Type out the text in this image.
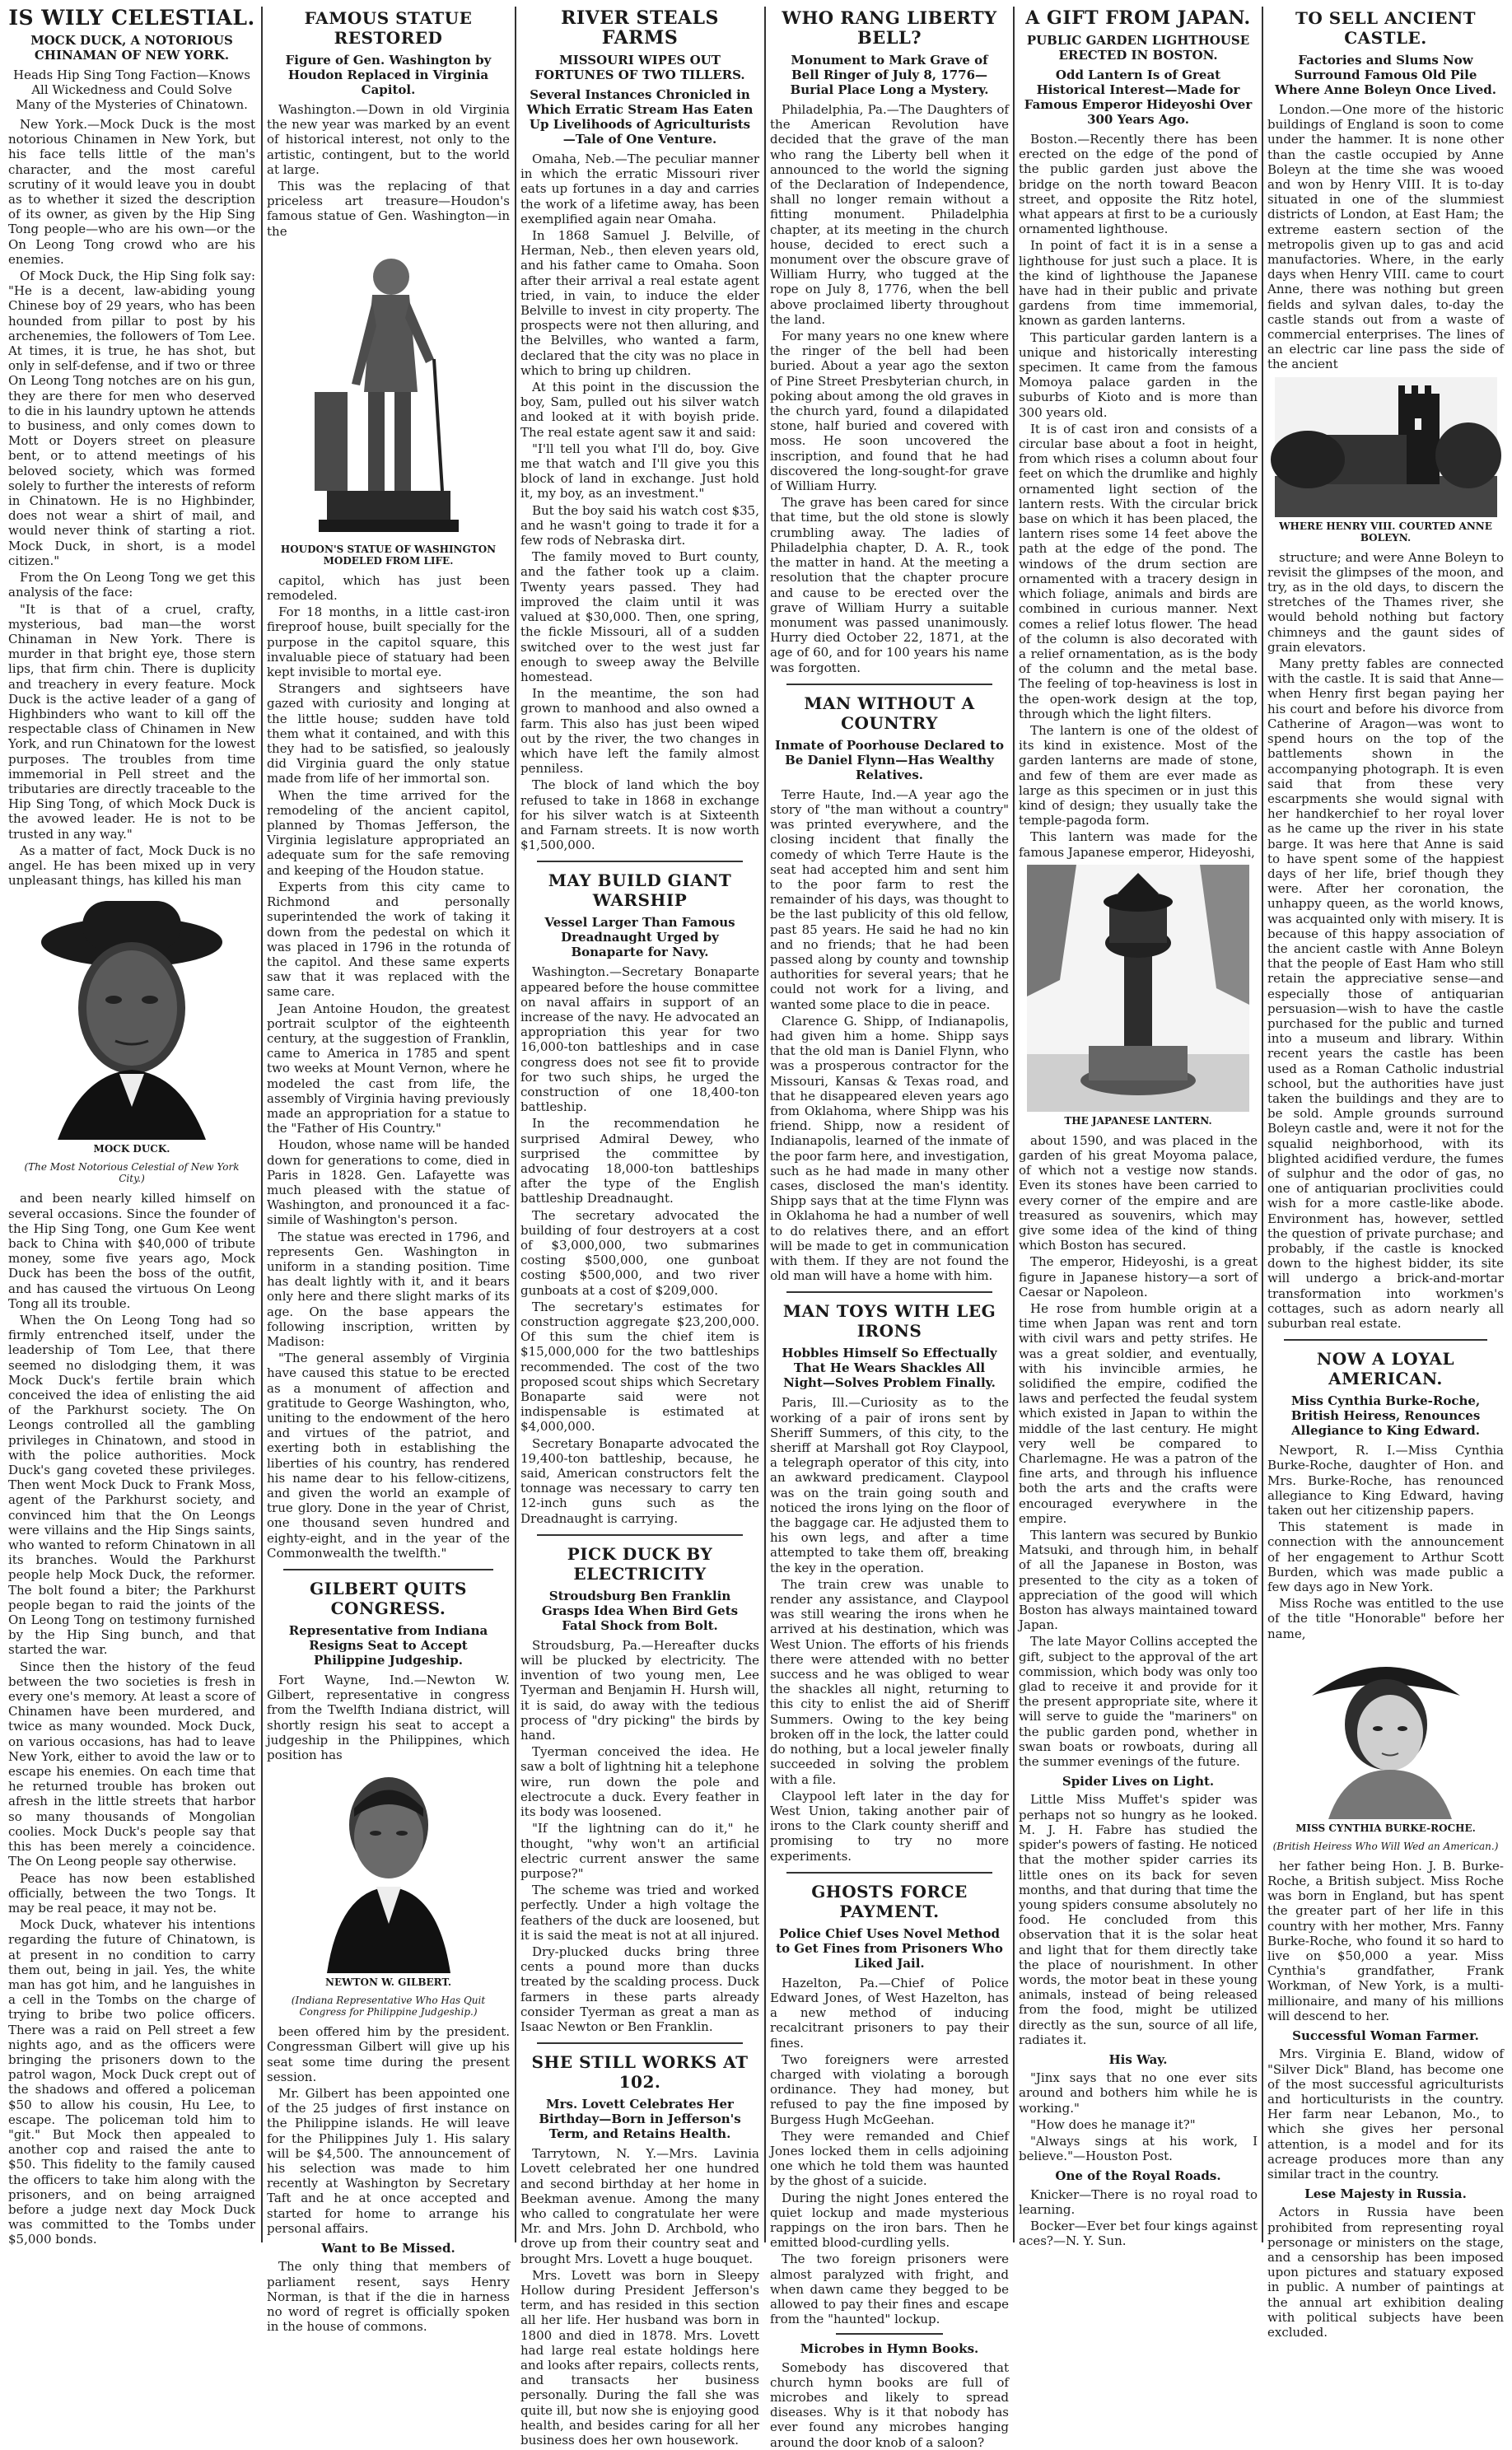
IS WILY CELESTIAL.
MOCK DUCK, A NOTORIOUS CHINAMAN OF NEW YORK.
Heads Hip Sing Tong Faction—Knows All Wickedness and Could Solve Many of the Mysteries of Chinatown.

New York.—Mock Duck is the most notorious Chinamen in New York, but his face tells little of the man's character, and the most careful scrutiny of it would leave you in doubt as to whether it sized the description of its owner, as given by the Hip Sing Tong people—who are his own—or the On Leong Tong crowd who are his enemies.

Of Mock Duck, the Hip Sing folk say: "He is a decent, law-abiding young Chinese boy of 29 years, who has been hounded from pillar to post by his archenemies, the followers of Tom Lee. At times, it is true, he has shot, but only in self-defense, and if two or three On Leong Tong notches are on his gun, they are there for men who deserved to die in his laundry uptown he attends to business, and only comes down to Mott or Doyers street on pleasure bent, or to attend meetings of his beloved society, which was formed solely to further the interests of reform in Chinatown. He is no Highbinder, does not wear a shirt of mail, and would never think of starting a riot. Mock Duck, in short, is a model citizen."

From the On Leong Tong we get this analysis of the face:

"It is that of a cruel, crafty, mysterious, bad man—the worst Chinaman in New York. There is murder in that bright eye, those stern lips, that firm chin. There is duplicity and treachery in every feature. Mock Duck is the active leader of a gang of Highbinders who want to kill off the respectable class of Chinamen in New York, and run Chinatown for the lowest purposes. The troubles from time immemorial in Pell street and the tributaries are directly traceable to the Hip Sing Tong, of which Mock Duck is the avowed leader. He is not to be trusted in any way."

As a matter of fact, Mock Duck is no angel. He has been mixed up in very unpleasant things, has killed his man

MOCK DUCK.
(The Most Notorious Celestial of New York City.)

and been nearly killed himself on several occasions. Since the founder of the Hip Sing Tong, one Gum Kee went back to China with $40,000 of tribute money, some five years ago, Mock Duck has been the boss of the outfit, and has caused the virtuous On Leong Tong all its trouble.

When the On Leong Tong had so firmly entrenched itself, under the leadership of Tom Lee, that there seemed no dislodging them, it was Mock Duck's fertile brain which conceived the idea of enlisting the aid of the Parkhurst society. The On Leongs controlled all the gambling privileges in Chinatown, and stood in with the police authorities. Mock Duck's gang coveted these privileges. Then went Mock Duck to Frank Moss, agent of the Parkhurst society, and convinced him that the On Leongs were villains and the Hip Sings saints, who wanted to reform Chinatown in all its branches. Would the Parkhurst people help Mock Duck, the reformer. The bolt found a biter; the Parkhurst people began to raid the joints of the On Leong Tong on testimony furnished by the Hip Sing bunch, and that started the war.

Since then the history of the feud between the two societies is fresh in every one's memory. At least a score of Chinamen have been murdered, and twice as many wounded. Mock Duck, on various occasions, has had to leave New York, either to avoid the law or to escape his enemies. On each time that he returned trouble has broken out afresh in the little streets that harbor so many thousands of Mongolian coolies. Mock Duck's people say that this has been merely a coincidence. The On Leong people say otherwise.

Peace has now been established officially, between the two Tongs. It may be real peace, it may not be.

Mock Duck, whatever his intentions regarding the future of Chinatown, is at present in no condition to carry them out, being in jail. Yes, the white man has got him, and he languishes in a cell in the Tombs on the charge of trying to bribe two police officers. There was a raid on Pell street a few nights ago, and as the officers were bringing the prisoners down to the patrol wagon, Mock Duck crept out of the shadows and offered a policeman $50 to allow his cousin, Hu Lee, to escape. The policeman told him to "git." But Mock then appealed to another cop and raised the ante to $50. This fidelity to the family caused the officers to take him along with the prisoners, and on being arraigned before a judge next day Mock Duck was committed to the Tombs under $5,000 bonds.

FAMOUS STATUE RESTORED
Figure of Gen. Washington by Houdon Replaced in Virginia Capitol.

Washington.—Down in old Virginia the new year was marked by an event of historical interest, not only to the artistic, contingent, but to the world at large.

This was the replacing of that priceless art treasure—Houdon's famous statue of Gen. Washington—in the

HOUDON'S STATUE OF WASHINGTON MODELED FROM LIFE.

capitol, which has just been remodeled.

For 18 months, in a little cast-iron fireproof house, built specially for the purpose in the capitol square, this invaluable piece of statuary had been kept invisible to mortal eye.

Strangers and sightseers have gazed with curiosity and longing at the little house; sudden have told them what it contained, and with this they had to be satisfied, so jealously did Virginia guard the only statue made from life of her immortal son.

When the time arrived for the remodeling of the ancient capitol, planned by Thomas Jefferson, the Virginia legislature appropriated an adequate sum for the safe removing and keeping of the Houdon statue.

Experts from this city came to Richmond and personally superintended the work of taking it down from the pedestal on which it was placed in 1796 in the rotunda of the capitol. And these same experts saw that it was replaced with the same care.

Jean Antoine Houdon, the greatest portrait sculptor of the eighteenth century, at the suggestion of Franklin, came to America in 1785 and spent two weeks at Mount Vernon, where he modeled the cast from life, the assembly of Virginia having previously made an appropriation for a statue to the "Father of His Country."

Houdon, whose name will be handed down for generations to come, died in Paris in 1828. Gen. Lafayette was much pleased with the statue of Washington, and pronounced it a fac-simile of Washington's person.

The statue was erected in 1796, and represents Gen. Washington in uniform in a standing position. Time has dealt lightly with it, and it bears only here and there slight marks of its age. On the base appears the following inscription, written by Madison:

"The general assembly of Virginia have caused this statue to be erected as a monument of affection and gratitude to George Washington, who, uniting to the endowment of the hero and virtues of the patriot, and exerting both in establishing the liberties of his country, has rendered his name dear to his fellow-citizens, and given the world an example of true glory. Done in the year of Christ, one thousand seven hundred and eighty-eight, and in the year of the Commonwealth the twelfth."

GILBERT QUITS CONGRESS.
Representative from Indiana Resigns Seat to Accept Philippine Judgeship.

Fort Wayne, Ind.—Newton W. Gilbert, representative in congress from the Twelfth Indiana district, will shortly resign his seat to accept a judgeship in the Philippines, which position has

NEWTON W. GILBERT.
(Indiana Representative Who Has Quit Congress for Philippine Judgeship.)

been offered him by the president. Congressman Gilbert will give up his seat some time during the present session.

Mr. Gilbert has been appointed one of the 25 judges of first instance on the Philippine islands. He will leave for the Philippines July 1. His salary will be $4,500. The announcement of his selection was made to him recently at Washington by Secretary Taft and he at once accepted and started for home to arrange his personal affairs.

Want to Be Missed.

The only thing that members of parliament resent, says Henry Norman, is that if the die in harness no word of regret is officially spoken in the house of commons.

RIVER STEALS FARMS
MISSOURI WIPES OUT FORTUNES OF TWO TILLERS.
Several Instances Chronicled in Which Erratic Stream Has Eaten Up Livelihoods of Agriculturists—Tale of One Venture.

Omaha, Neb.—The peculiar manner in which the erratic Missouri river eats up fortunes in a day and carries the work of a lifetime away, has been exemplified again near Omaha.

In 1868 Samuel J. Belville, of Herman, Neb., then eleven years old, and his father came to Omaha. Soon after their arrival a real estate agent tried, in vain, to induce the elder Belville to invest in city property. The prospects were not then alluring, and the Belvilles, who wanted a farm, declared that the city was no place in which to bring up children.

At this point in the discussion the boy, Sam, pulled out his silver watch and looked at it with boyish pride. The real estate agent saw it and said:

"I'll tell you what I'll do, boy. Give me that watch and I'll give you this block of land in exchange. Just hold it, my boy, as an investment."

But the boy said his watch cost $35, and he wasn't going to trade it for a few rods of Nebraska dirt.

The family moved to Burt county, and the father took up a claim. Twenty years passed. They had improved the claim until it was valued at $30,000. Then, one spring, the fickle Missouri, all of a sudden switched over to the west just far enough to sweep away the Belville homestead.

In the meantime, the son had grown to manhood and also owned a farm. This also has just been wiped out by the river, the two changes in which have left the family almost penniless.

The block of land which the boy refused to take in 1868 in exchange for his silver watch is at Sixteenth and Farnam streets. It is now worth $1,500,000.

MAY BUILD GIANT WARSHIP
Vessel Larger Than Famous Dreadnaught Urged by Bonaparte for Navy.

Washington.—Secretary Bonaparte appeared before the house committee on naval affairs in support of an increase of the navy. He advocated an appropriation this year for two 16,000-ton battleships and in case congress does not see fit to provide for two such ships, he urged the construction of one 18,400-ton battleship.

In the recommendation he surprised Admiral Dewey, who surprised the committee by advocating 18,000-ton battleships after the type of the English battleship Dreadnaught.

The secretary advocated the building of four destroyers at a cost of $3,000,000, two submarines costing $500,000, one gunboat costing $500,000, and two river gunboats at a cost of $209,000.

The secretary's estimates for construction aggregate $23,200,000. Of this sum the chief item is $15,000,000 for the two battleships recommended. The cost of the two proposed scout ships which Secretary Bonaparte said were not indispensable is estimated at $4,000,000.

Secretary Bonaparte advocated the 19,400-ton battleship, because, he said, American constructors felt the tonnage was necessary to carry ten 12-inch guns such as the Dreadnaught is carrying.

PICK DUCK BY ELECTRICITY
Stroudsburg Ben Franklin Grasps Idea When Bird Gets Fatal Shock from Bolt.

Stroudsburg, Pa.—Hereafter ducks will be plucked by electricity. The invention of two young men, Lee Tyerman and Benjamin H. Hursh will, it is said, do away with the tedious process of "dry picking" the birds by hand.

Tyerman conceived the idea. He saw a bolt of lightning hit a telephone wire, run down the pole and electrocute a duck. Every feather in its body was loosened.

"If the lightning can do it," he thought, "why won't an artificial electric current answer the same purpose?"

The scheme was tried and worked perfectly. Under a high voltage the feathers of the duck are loosened, but it is said the meat is not at all injured.

Dry-plucked ducks bring three cents a pound more than ducks treated by the scalding process. Duck farmers in these parts already consider Tyerman as great a man as Isaac Newton or Ben Franklin.

SHE STILL WORKS AT 102.
Mrs. Lovett Celebrates Her Birthday—Born in Jefferson's Term, and Retains Health.

Tarrytown, N. Y.—Mrs. Lavinia Lovett celebrated her one hundred and second birthday at her home in Beekman avenue. Among the many who called to congratulate her were Mr. and Mrs. John D. Archbold, who drove up from their country seat and brought Mrs. Lovett a huge bouquet.

Mrs. Lovett was born in Sleepy Hollow during President Jefferson's term, and has resided in this section all her life. Her husband was born in 1800 and died in 1878. Mrs. Lovett had large real estate holdings here and looks after repairs, collects rents, and transacts her business personally. During the fall she was quite ill, but now she is enjoying good health, and besides caring for all her business does her own housework.

WHO RANG LIBERTY BELL?
Monument to Mark Grave of Bell Ringer of July 8, 1776—Burial Place Long a Mystery.

Philadelphia, Pa.—The Daughters of the American Revolution have decided that the grave of the man who rang the Liberty bell when it announced to the world the signing of the Declaration of Independence, shall no longer remain without a fitting monument. Philadelphia chapter, at its meeting in the church house, decided to erect such a monument over the obscure grave of William Hurry, who tugged at the rope on July 8, 1776, when the bell above proclaimed liberty throughout the land.

For many years no one knew where the ringer of the bell had been buried. About a year ago the sexton of Pine Street Presbyterian church, in poking about among the old graves in the church yard, found a dilapidated stone, half buried and covered with moss. He soon uncovered the inscription, and found that he had discovered the long-sought-for grave of William Hurry.

The grave has been cared for since that time, but the old stone is slowly crumbling away. The ladies of Philadelphia chapter, D. A. R., took the matter in hand. At the meeting a resolution that the chapter procure and cause to be erected over the grave of William Hurry a suitable monument was passed unanimously. Hurry died October 22, 1871, at the age of 60, and for 100 years his name was forgotten.

MAN WITHOUT A COUNTRY
Inmate of Poorhouse Declared to Be Daniel Flynn—Has Wealthy Relatives.

Terre Haute, Ind.—A year ago the story of "the man without a country" was printed everywhere, and the closing incident that finally the comedy of which Terre Haute is the seat had accepted him and sent him to the poor farm to rest the remainder of his days, was thought to be the last publicity of this old fellow, past 85 years. He said he had no kin and no friends; that he had been passed along by county and township authorities for several years; that he could not work for a living, and wanted some place to die in peace.

Clarence G. Shipp, of Indianapolis, had given him a home. Shipp says that the old man is Daniel Flynn, who was a prosperous contractor for the Missouri, Kansas & Texas road, and that he disappeared eleven years ago from Oklahoma, where Shipp was his friend. Shipp, now a resident of Indianapolis, learned of the inmate of the poor farm here, and investigation, such as he had made in many other cases, disclosed the man's identity. Shipp says that at the time Flynn was in Oklahoma he had a number of well to do relatives there, and an effort will be made to get in communication with them. If they are not found the old man will have a home with him.

MAN TOYS WITH LEG IRONS
Hobbles Himself So Effectually That He Wears Shackles All Night—Solves Problem Finally.

Paris, Ill.—Curiosity as to the working of a pair of irons sent by Sheriff Summers, of this city, to the sheriff at Marshall got Roy Claypool, a telegraph operator of this city, into an awkward predicament. Claypool was on the train going south and noticed the irons lying on the floor of the baggage car. He adjusted them to his own legs, and after a time attempted to take them off, breaking the key in the operation.

The train crew was unable to render any assistance, and Claypool was still wearing the irons when he arrived at his destination, which was West Union. The efforts of his friends there were attended with no better success and he was obliged to wear the shackles all night, returning to this city to enlist the aid of Sheriff Summers. Owing to the key being broken off in the lock, the latter could do nothing, but a local jeweler finally succeeded in solving the problem with a file.

Claypool left later in the day for West Union, taking another pair of irons to the Clark county sheriff and promising to try no more experiments.

GHOSTS FORCE PAYMENT.
Police Chief Uses Novel Method to Get Fines from Prisoners Who Liked Jail.

Hazelton, Pa.—Chief of Police Edward Jones, of West Hazelton, has a new method of inducing recalcitrant prisoners to pay their fines.

Two foreigners were arrested charged with violating a borough ordinance. They had money, but refused to pay the fine imposed by Burgess Hugh McGeehan.

They were remanded and Chief Jones locked them in cells adjoining one which he told them was haunted by the ghost of a suicide.

During the night Jones entered the quiet lockup and made mysterious rappings on the iron bars. Then he emitted blood-curdling yells.

The two foreign prisoners were almost paralyzed with fright, and when dawn came they begged to be allowed to pay their fines and escape from the "haunted" lockup.

Microbes in Hymn Books.

Somebody has discovered that church hymn books are full of microbes and likely to spread diseases. Why is it that nobody has ever found any microbes hanging around the door knob of a saloon?

A GIFT FROM JAPAN.
PUBLIC GARDEN LIGHTHOUSE ERECTED IN BOSTON.
Odd Lantern Is of Great Historical Interest—Made for Famous Emperor Hideyoshi Over 300 Years Ago.

Boston.—Recently there has been erected on the edge of the pond of the public garden just above the bridge on the north toward Beacon street, and opposite the Ritz hotel, what appears at first to be a curiously ornamented lighthouse.

In point of fact it is in a sense a lighthouse for just such a place. It is the kind of lighthouse the Japanese have had in their public and private gardens from time immemorial, known as garden lanterns.

This particular garden lantern is a unique and historically interesting specimen. It came from the famous Momoya palace garden in the suburbs of Kioto and is more than 300 years old.

It is of cast iron and consists of a circular base about a foot in height, from which rises a column about four feet on which the drumlike and highly ornamented light section of the lantern rests. With the circular brick base on which it has been placed, the lantern rises some 14 feet above the path at the edge of the pond. The windows of the drum section are ornamented with a tracery design in which foliage, animals and birds are combined in curious manner. Next comes a relief lotus flower. The head of the column is also decorated with a relief ornamentation, as is the body of the column and the metal base. The feeling of top-heaviness is lost in the open-work design at the top, through which the light filters.

The lantern is one of the oldest of its kind in existence. Most of the garden lanterns are made of stone, and few of them are ever made as large as this specimen or in just this kind of design; they usually take the temple-pagoda form.

This lantern was made for the famous Japanese emperor, Hideyoshi,

THE JAPANESE LANTERN.

about 1590, and was placed in the garden of his great Moyoma palace, of which not a vestige now stands. Even its stones have been carried to every corner of the empire and are treasured as souvenirs, which may give some idea of the kind of thing which Boston has secured.

The emperor, Hideyoshi, is a great figure in Japanese history—a sort of Caesar or Napoleon.

He rose from humble origin at a time when Japan was rent and torn with civil wars and petty strifes. He was a great soldier, and eventually, with his invincible armies, he solidified the empire, codified the laws and perfected the feudal system which existed in Japan to within the middle of the last century. He might very well be compared to Charlemagne. He was a patron of the fine arts, and through his influence both the arts and the crafts were encouraged everywhere in the empire.

This lantern was secured by Bunkio Matsuki, and through him, in behalf of all the Japanese in Boston, was presented to the city as a token of appreciation of the good will which Boston has always maintained toward Japan.

The late Mayor Collins accepted the gift, subject to the approval of the art commission, which body was only too glad to receive it and provide for it the present appropriate site, where it will serve to guide the "mariners" on the public garden pond, whether in swan boats or rowboats, during all the summer evenings of the future.

Spider Lives on Light.

Little Miss Muffet's spider was perhaps not so hungry as he looked. M. J. H. Fabre has studied the spider's powers of fasting. He noticed that the mother spider carries its little ones on its back for seven months, and that during that time the young spiders consume absolutely no food. He concluded from this observation that it is the solar heat and light that for them directly take the place of nourishment. In other words, the motor beat in these young animals, instead of being released from the food, might be utilized directly as the sun, source of all life, radiates it.

His Way.

"Jinx says that no one ever sits around and bothers him while he is working."

"How does he manage it?"

"Always sings at his work, I believe."—Houston Post.

One of the Royal Roads.

Knicker—There is no royal road to learning.

Bocker—Ever bet four kings against aces?—N. Y. Sun.

TO SELL ANCIENT CASTLE.
Factories and Slums Now Surround Famous Old Pile Where Anne Boleyn Once Lived.

London.—One more of the historic buildings of England is soon to come under the hammer. It is none other than the castle occupied by Anne Boleyn at the time she was wooed and won by Henry VIII. It is to-day situated in one of the slummiest districts of London, at East Ham; the extreme eastern section of the metropolis given up to gas and acid manufactories. Where, in the early days when Henry VIII. came to court Anne, there was nothing but green fields and sylvan dales, to-day the castle stands out from a waste of commercial enterprises. The lines of an electric car line pass the side of the ancient

WHERE HENRY VIII. COURTED ANNE BOLEYN.

structure; and were Anne Boleyn to revisit the glimpses of the moon, and try, as in the old days, to discern the stretches of the Thames river, she would behold nothing but factory chimneys and the gaunt sides of grain elevators.

Many pretty fables are connected with the castle. It is said that Anne—when Henry first began paying her his court and before his divorce from Catherine of Aragon—was wont to spend hours on the top of the battlements shown in the accompanying photograph. It is even said that from these very escarpments she would signal with her handkerchief to her royal lover as he came up the river in his state barge. It was here that Anne is said to have spent some of the happiest days of her life, brief though they were. After her coronation, the unhappy queen, as the world knows, was acquainted only with misery. It is because of this happy association of the ancient castle with Anne Boleyn that the people of East Ham who still retain the appreciative sense—and especially those of antiquarian persuasion—wish to have the castle purchased for the public and turned into a museum and library. Within recent years the castle has been used as a Roman Catholic industrial school, but the authorities have just taken the buildings and they are to be sold. Ample grounds surround Boleyn castle and, were it not for the squalid neighborhood, with its blighted acidified verdure, the fumes of sulphur and the odor of gas, no one of antiquarian proclivities could wish for a more castle-like abode. Environment has, however, settled the question of private purchase; and probably, if the castle is knocked down to the highest bidder, its site will undergo a brick-and-mortar transformation into workmen's cottages, such as adorn nearly all suburban real estate.

NOW A LOYAL AMERICAN.
Miss Cynthia Burke-Roche, British Heiress, Renounces Allegiance to King Edward.

Newport, R. I.—Miss Cynthia Burke-Roche, daughter of Hon. and Mrs. Burke-Roche, has renounced allegiance to King Edward, having taken out her citizenship papers.

This statement is made in connection with the announcement of her engagement to Arthur Scott Burden, which was made public a few days ago in New York.

Miss Roche was entitled to the use of the title "Honorable" before her name,

MISS CYNTHIA BURKE-ROCHE.
(British Heiress Who Will Wed an American.)

her father being Hon. J. B. Burke-Roche, a British subject. Miss Roche was born in England, but has spent the greater part of her life in this country with her mother, Mrs. Fanny Burke-Roche, who found it so hard to live on $50,000 a year. Miss Cynthia's grandfather, Frank Workman, of New York, is a multi-millionaire, and many of his millions will descend to her.

Successful Woman Farmer.

Mrs. Virginia E. Bland, widow of "Silver Dick" Bland, has become one of the most successful agriculturists and horticulturists in the country. Her farm near Lebanon, Mo., to which she gives her personal attention, is a model and for its acreage produces more than any similar tract in the country.

Lese Majesty in Russia.

Actors in Russia have been prohibited from representing royal personage or ministers on the stage, and a censorship has been imposed upon pictures and statuary exposed in public. A number of paintings at the annual art exhibition dealing with political subjects have been excluded.
